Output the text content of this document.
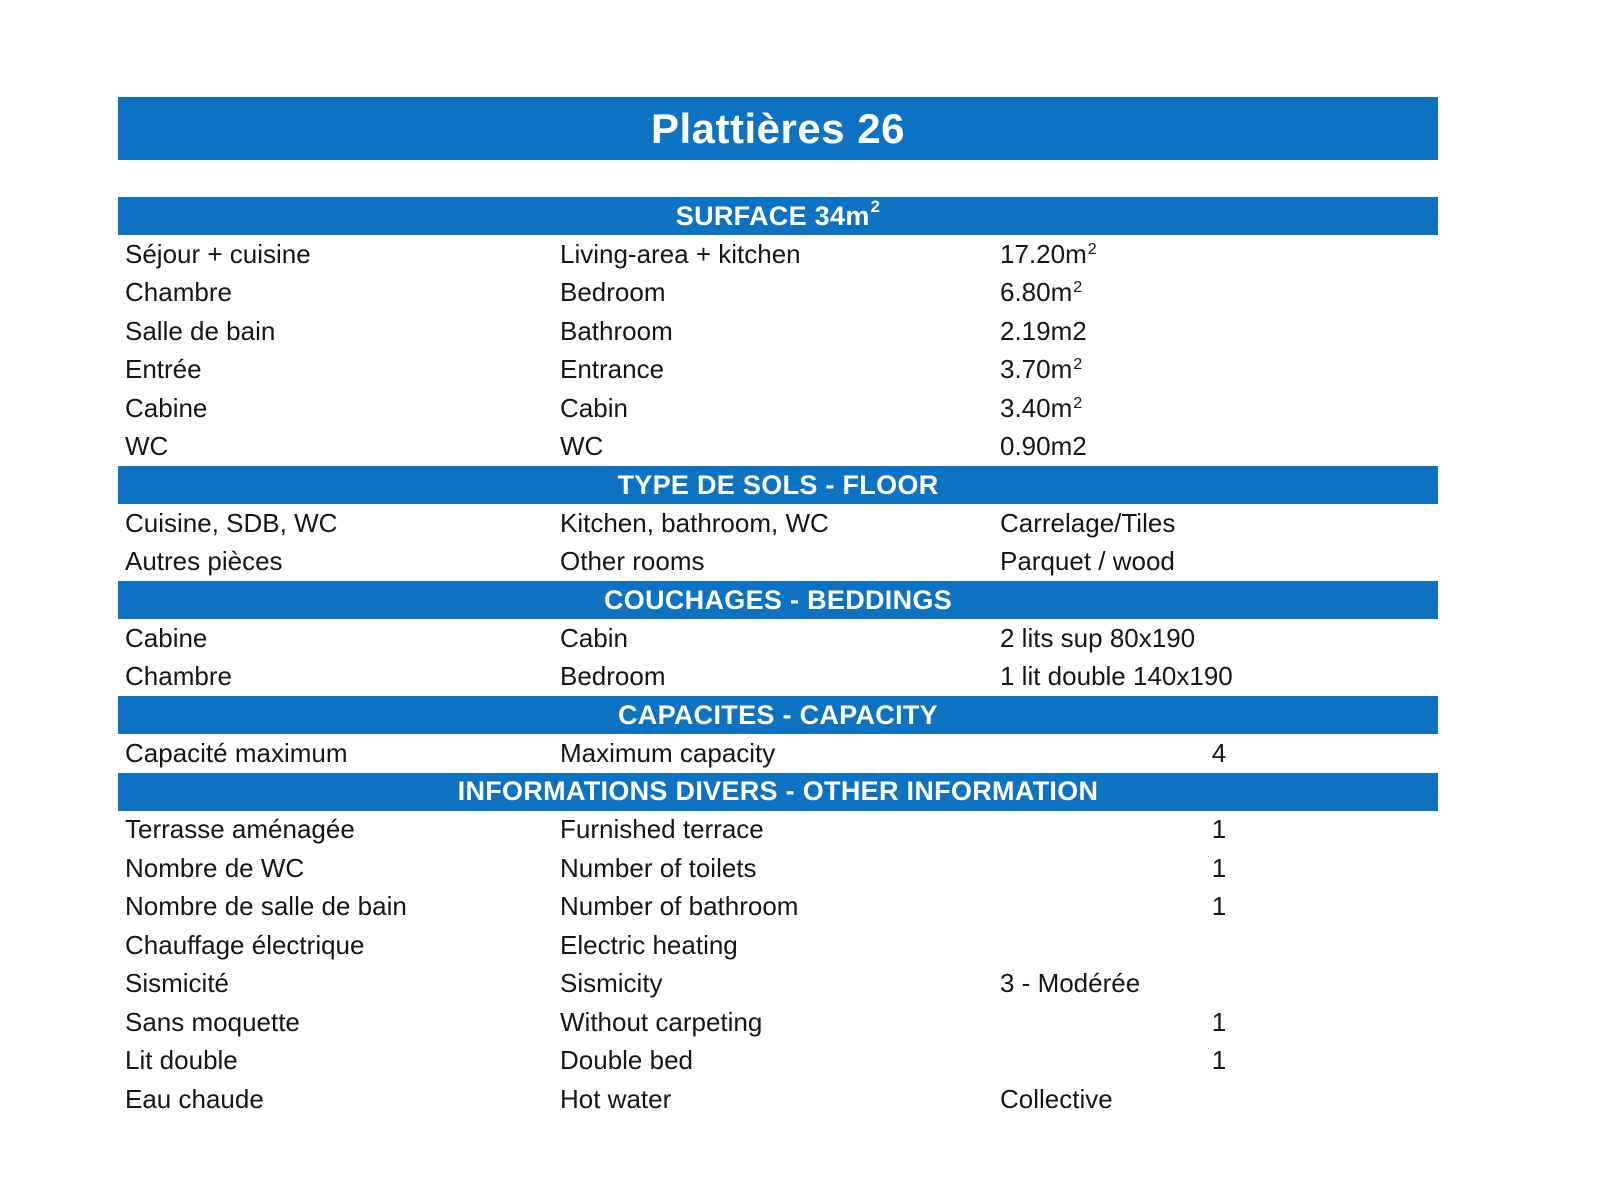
Plattières 26
SURFACE $34m^2$
Séjour + cuisine	Living-area + kitchen	$17.20m^2$
Chambre	Bedroom	$6.80m^2$
Salle de bain	Bathroom	2.19m2
Entrée	Entrance	$3.70m^2$
Cabine	Cabin	$3.40m^2$
WC	WC	0.90m2
TYPE DE SOLS - FLOOR
Cuisine, SDB, WC	Kitchen, bathroom, WC	Carrelage/Tiles
Autres pièces	Other rooms	Parquet / wood
COUCHAGES - BEDDINGS
Cabine	Cabin	2 lits sup 80x190
Chambre	Bedroom	1 lit double 140x190
CAPACITES - CAPACITY
Capacité maximum	Maximum capacity	4
INFORMATIONS DIVERS - OTHER INFORMATION
Terrasse aménagée	Furnished terrace	1
Nombre de WC	Number of toilets	1
Nombre de salle de bain	Number of bathroom	1
Chauffage électrique	Electric heating
Sismicité	Sismicity	3 - Modérée
Sans moquette	Without carpeting	1
Lit double	Double bed	1
Eau chaude	Hot water	Collective
